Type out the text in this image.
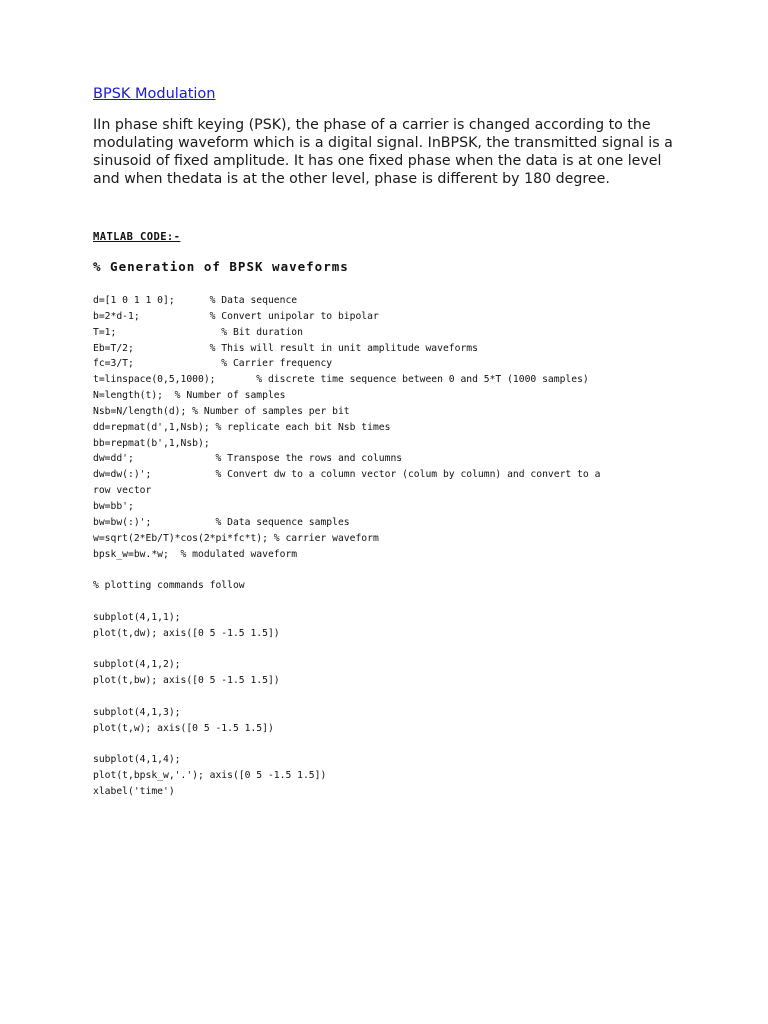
BPSK Modulation

IIn phase shift keying (PSK), the phase of a carrier is changed according to the
modulating waveform which is a digital signal. InBPSK, the transmitted signal is a
sinusoid of fixed amplitude. It has one fixed phase when the data is at one level
and when thedata is at the other level, phase is different by 180 degree.

MATLAB CODE:-
% Generation of BPSK waveforms
d=[1 0 1 1 0];      % Data sequence
b=2*d-1;            % Convert unipolar to bipolar
T=1;                  % Bit duration
Eb=T/2;             % This will result in unit amplitude waveforms
fc=3/T;               % Carrier frequency
t=linspace(0,5,1000);       % discrete time sequence between 0 and 5*T (1000 samples)
N=length(t);  % Number of samples
Nsb=N/length(d); % Number of samples per bit
dd=repmat(d',1,Nsb); % replicate each bit Nsb times
bb=repmat(b',1,Nsb);
dw=dd';              % Transpose the rows and columns
dw=dw(:)';           % Convert dw to a column vector (colum by column) and convert to a
row vector
bw=bb';
bw=bw(:)';           % Data sequence samples
w=sqrt(2*Eb/T)*cos(2*pi*fc*t); % carrier waveform
bpsk_w=bw.*w;  % modulated waveform
% plotting commands follow
subplot(4,1,1);
plot(t,dw); axis([0 5 -1.5 1.5])
subplot(4,1,2);
plot(t,bw); axis([0 5 -1.5 1.5])
subplot(4,1,3);
plot(t,w); axis([0 5 -1.5 1.5])
subplot(4,1,4);
plot(t,bpsk_w,'.'); axis([0 5 -1.5 1.5])
xlabel('time')
